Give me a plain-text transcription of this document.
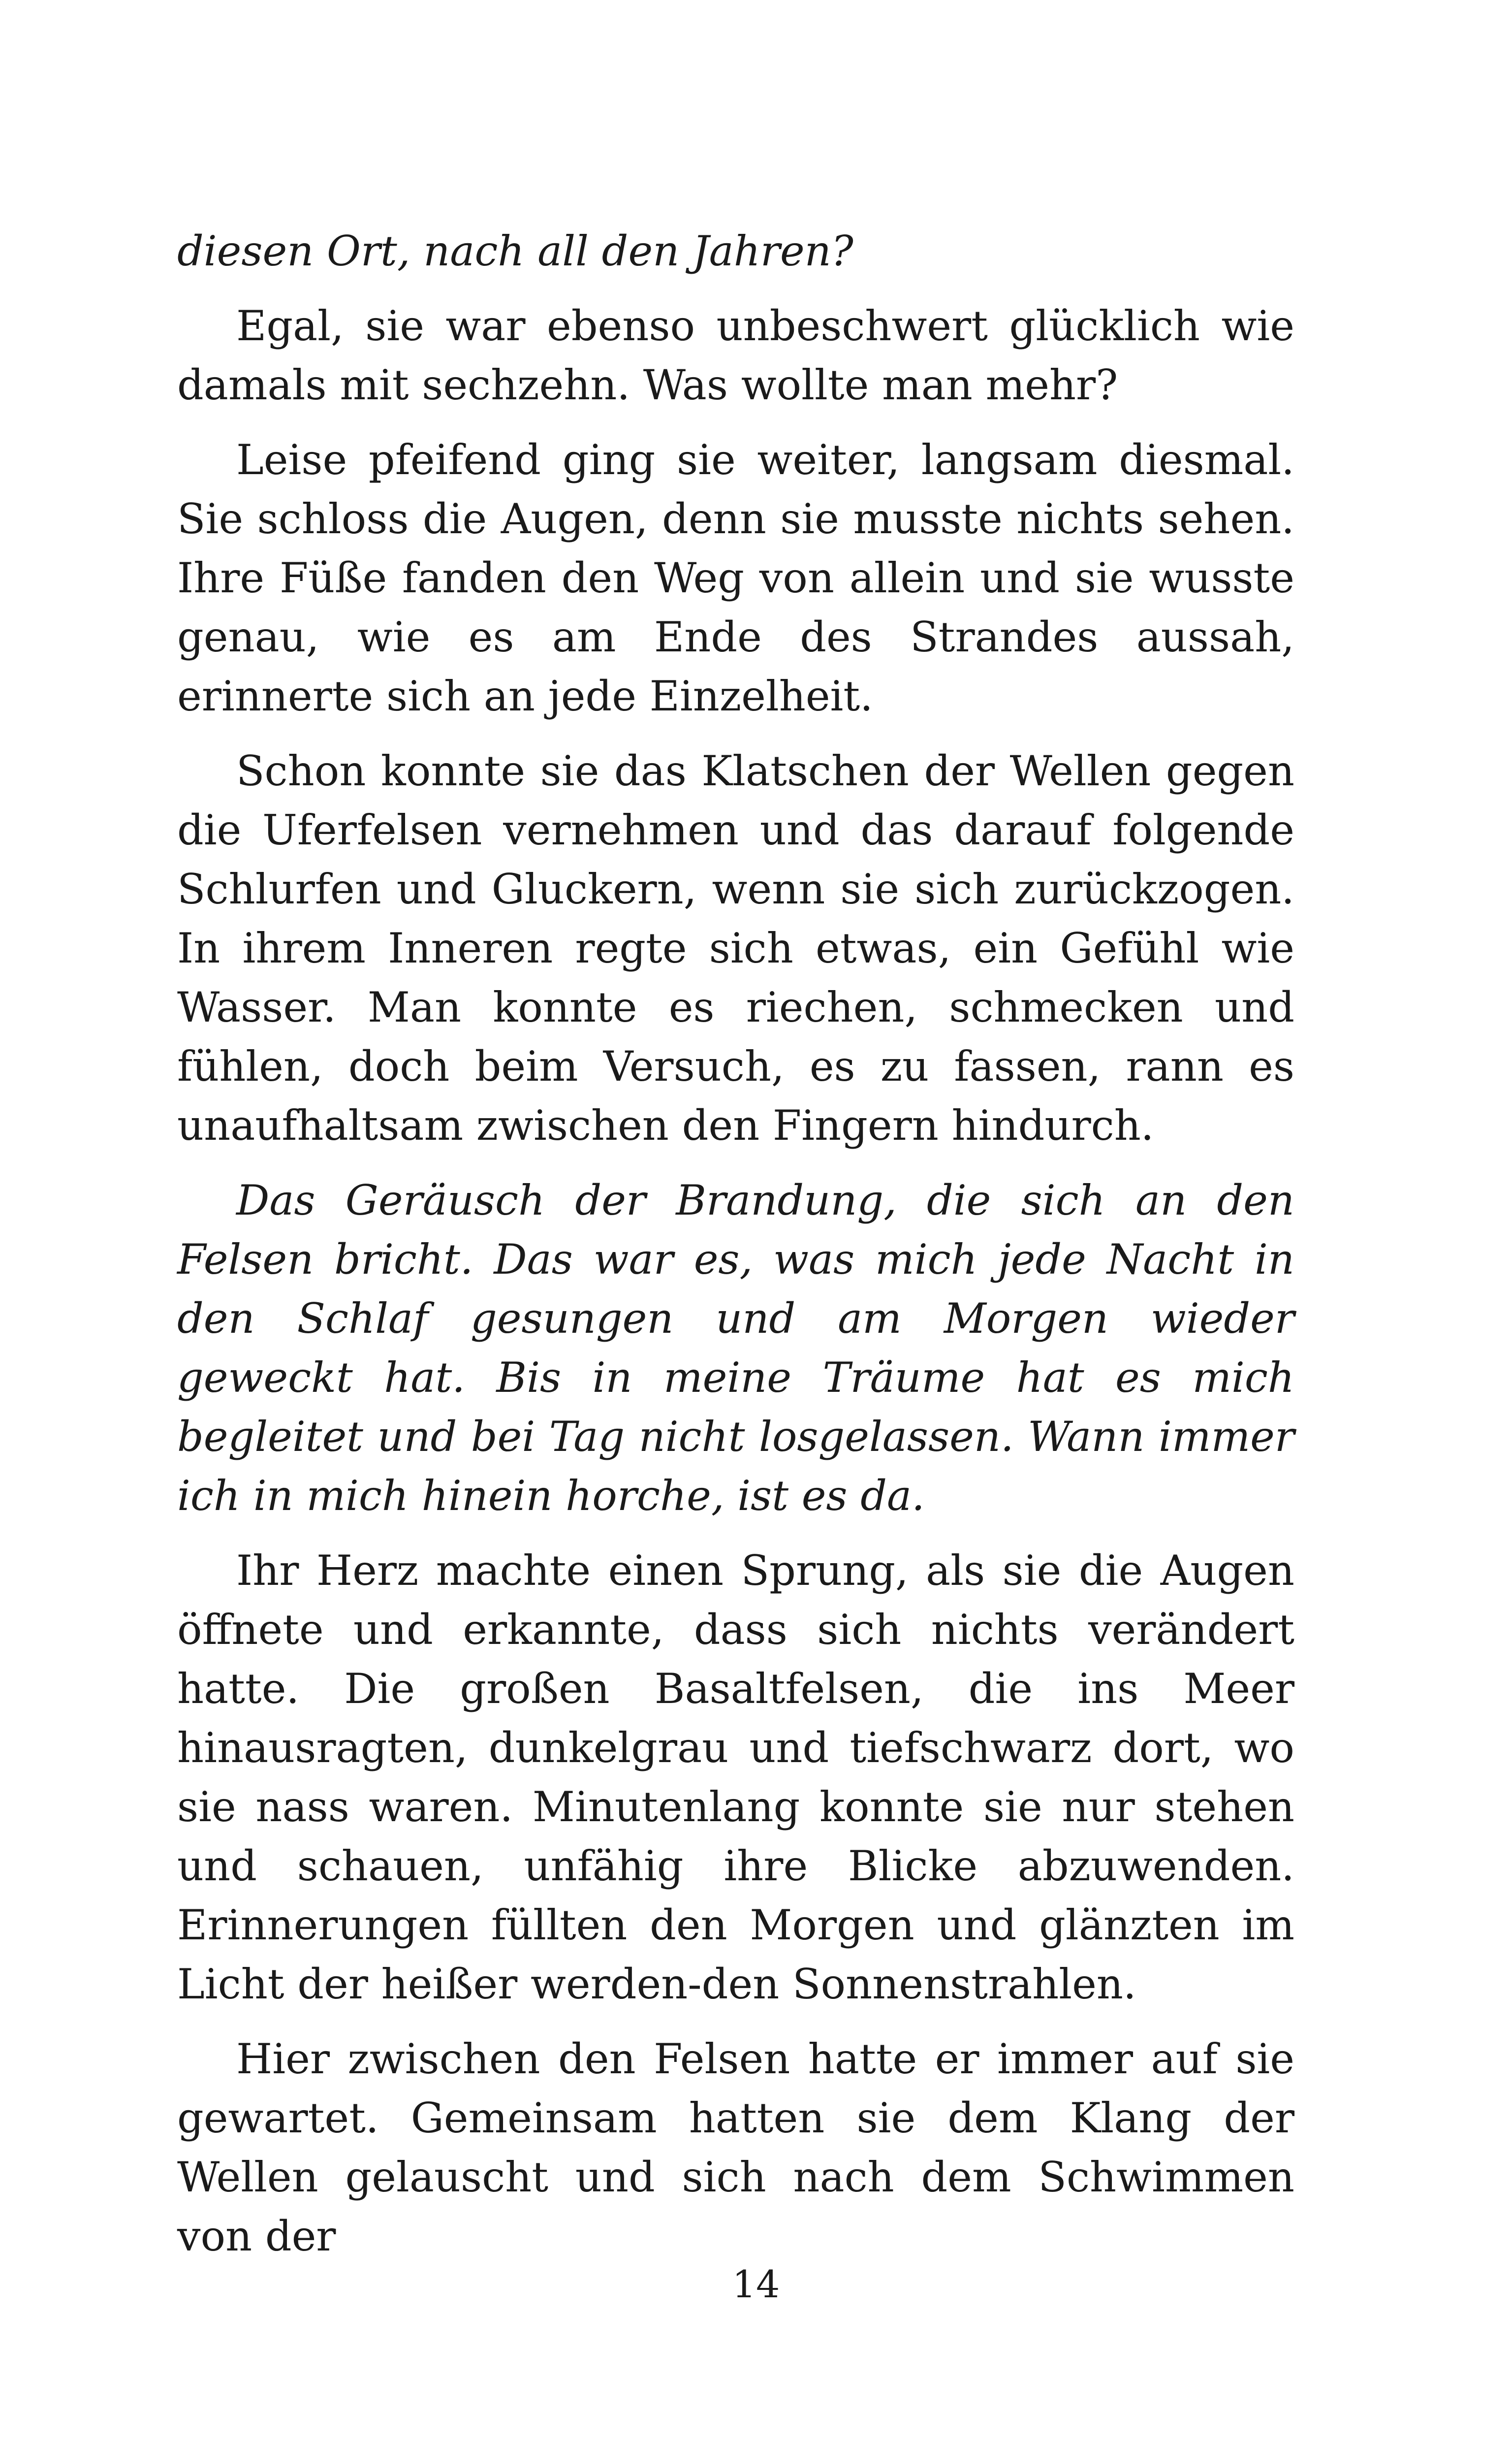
diesen Ort, nach all den Jahren?

Egal, sie war ebenso unbeschwert glücklich wie damals mit sechzehn. Was wollte man mehr?

Leise pfeifend ging sie weiter, langsam diesmal. Sie schloss die Augen, denn sie musste nichts sehen. Ihre Füße fanden den Weg von allein und sie wusste genau, wie es am Ende des Strandes aussah, erinnerte sich an jede Einzelheit.

Schon konnte sie das Klatschen der Wellen gegen die Uferfelsen vernehmen und das darauf folgende Schlurfen und Gluckern, wenn sie sich zurückzogen. In ihrem Inneren regte sich etwas, ein Gefühl wie Wasser. Man konnte es riechen, schmecken und fühlen, doch beim Versuch, es zu fassen, rann es unaufhaltsam zwischen den Fingern hindurch.

Das Geräusch der Brandung, die sich an den Felsen bricht. Das war es, was mich jede Nacht in den Schlaf gesungen und am Morgen wieder geweckt hat. Bis in meine Träume hat es mich begleitet und bei Tag nicht losgelassen. Wann immer ich in mich hinein horche, ist es da.

Ihr Herz machte einen Sprung, als sie die Augen öffnete und erkannte, dass sich nichts verändert hatte. Die großen Basaltfelsen, die ins Meer hinausragten, dunkelgrau und tiefschwarz dort, wo sie nass waren. Minutenlang konnte sie nur stehen und schauen, unfähig ihre Blicke abzuwenden. Erinnerungen füllten den Morgen und glänzten im Licht der heißer werden-den Sonnenstrahlen.

Hier zwischen den Felsen hatte er immer auf sie gewartet. Gemeinsam hatten sie dem Klang der Wellen gelauscht und sich nach dem Schwimmen von der

14
